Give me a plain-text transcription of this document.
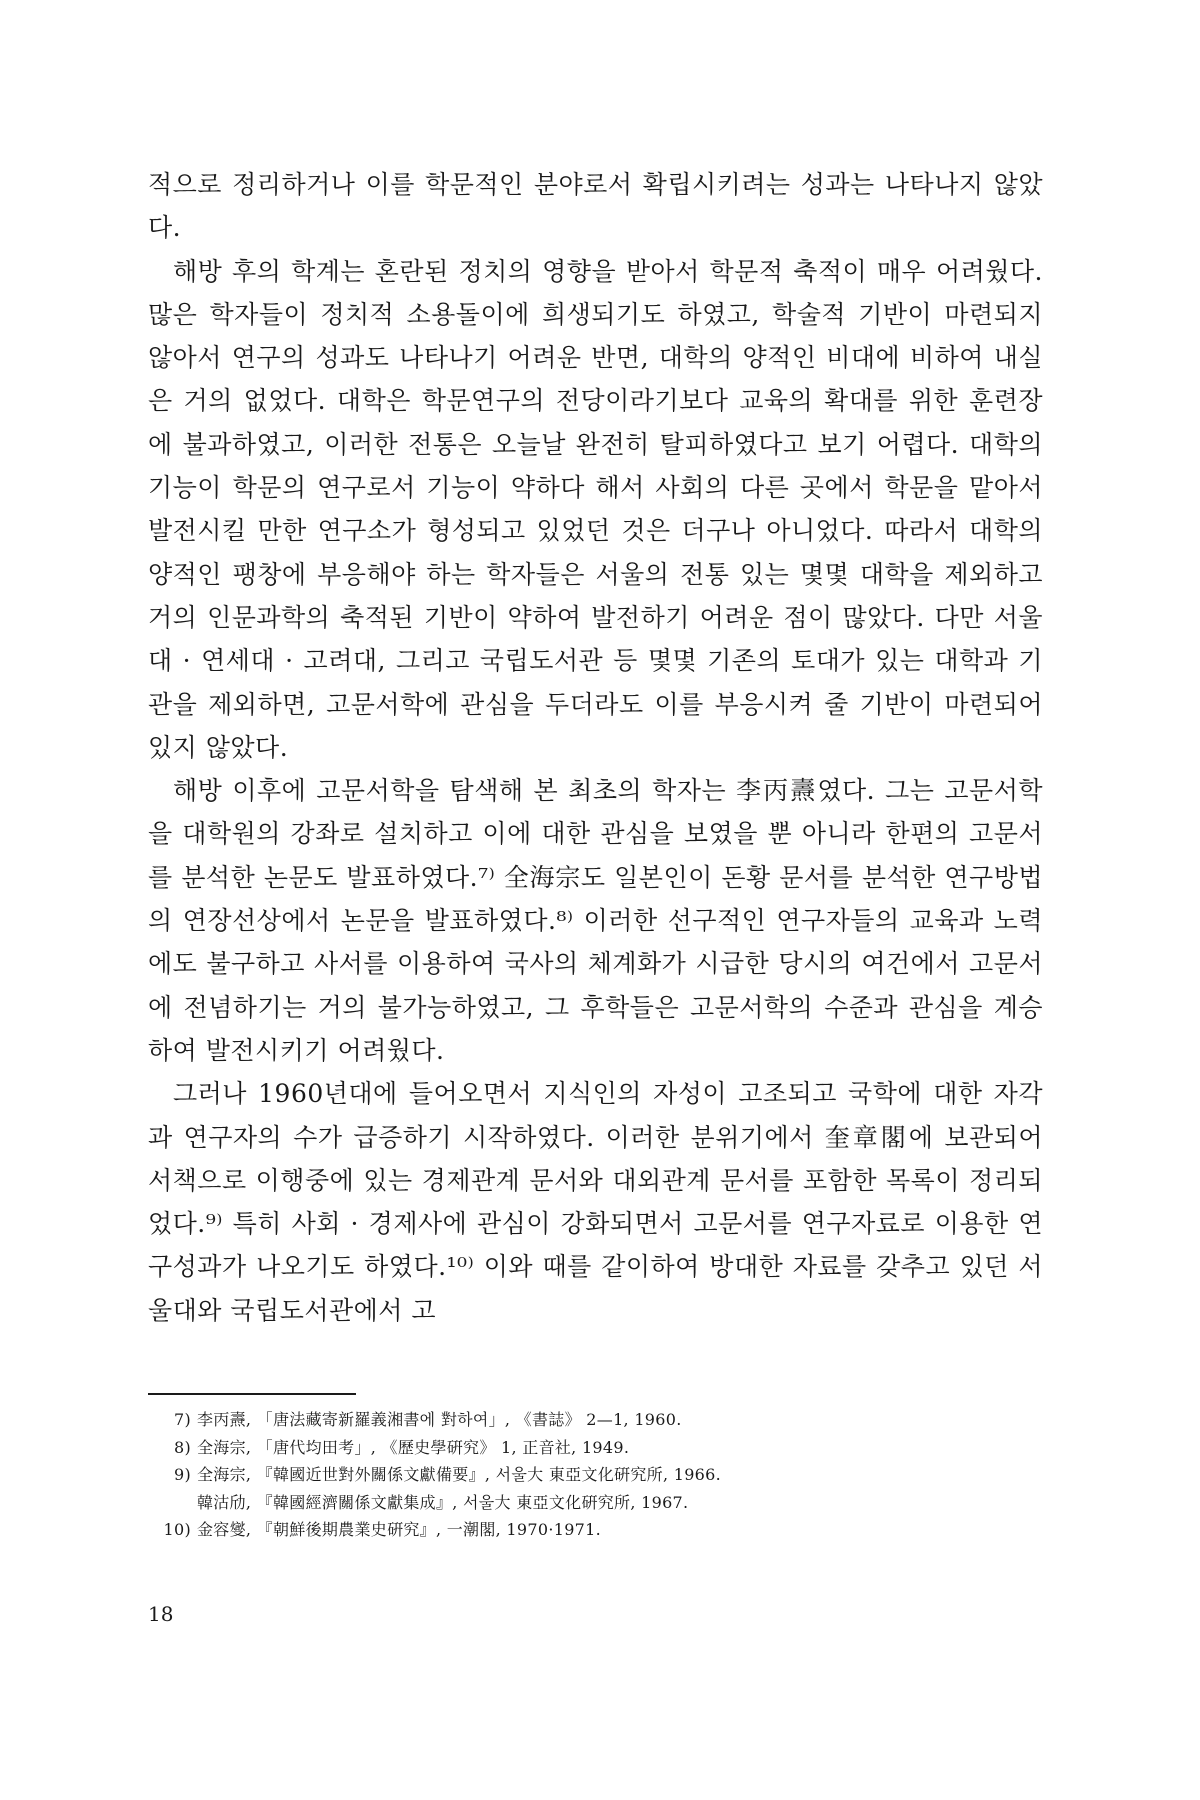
적으로 정리하거나 이를 학문적인 분야로서 확립시키려는 성과는 나타나지 않았다.

해방 후의 학계는 혼란된 정치의 영향을 받아서 학문적 축적이 매우 어려웠다. 많은 학자들이 정치적 소용돌이에 희생되기도 하였고, 학술적 기반이 마련되지 않아서 연구의 성과도 나타나기 어려운 반면, 대학의 양적인 비대에 비하여 내실은 거의 없었다. 대학은 학문연구의 전당이라기보다 교육의 확대를 위한 훈련장에 불과하였고, 이러한 전통은 오늘날 완전히 탈피하였다고 보기 어렵다. 대학의 기능이 학문의 연구로서 기능이 약하다 해서 사회의 다른 곳에서 학문을 맡아서 발전시킬 만한 연구소가 형성되고 있었던 것은 더구나 아니었다. 따라서 대학의 양적인 팽창에 부응해야 하는 학자들은 서울의 전통 있는 몇몇 대학을 제외하고 거의 인문과학의 축적된 기반이 약하여 발전하기 어려운 점이 많았다. 다만 서울대 · 연세대 · 고려대, 그리고 국립도서관 등 몇몇 기존의 토대가 있는 대학과 기관을 제외하면, 고문서학에 관심을 두더라도 이를 부응시켜 줄 기반이 마련되어 있지 않았다.

해방 이후에 고문서학을 탐색해 본 최초의 학자는 李丙燾였다. 그는 고문서학을 대학원의 강좌로 설치하고 이에 대한 관심을 보였을 뿐 아니라 한편의 고문서를 분석한 논문도 발표하였다.⁷⁾ 全海宗도 일본인이 돈황 문서를 분석한 연구방법의 연장선상에서 논문을 발표하였다.⁸⁾ 이러한 선구적인 연구자들의 교육과 노력에도 불구하고 사서를 이용하여 국사의 체계화가 시급한 당시의 여건에서 고문서에 전념하기는 거의 불가능하였고, 그 후학들은 고문서학의 수준과 관심을 계승하여 발전시키기 어려웠다.

그러나 1960년대에 들어오면서 지식인의 자성이 고조되고 국학에 대한 자각과 연구자의 수가 급증하기 시작하였다. 이러한 분위기에서 奎章閣에 보관되어 서책으로 이행중에 있는 경제관계 문서와 대외관계 문서를 포함한 목록이 정리되었다.⁹⁾ 특히 사회 · 경제사에 관심이 강화되면서 고문서를 연구자료로 이용한 연구성과가 나오기도 하였다.¹⁰⁾ 이와 때를 같이하여 방대한 자료를 갖추고 있던 서울대와 국립도서관에서 고

7) 李丙燾, 「唐法藏寄新羅義湘書에 對하여」, 《書誌》 2—1, 1960.
8) 全海宗, 「唐代均田考」, 《歷史學硏究》 1, 正音社, 1949.
9) 全海宗, 『韓國近世對外關係文獻備要』, 서울大 東亞文化硏究所, 1966.
韓沽劤, 『韓國經濟關係文獻集成』, 서울大 東亞文化硏究所, 1967.
10) 金容燮, 『朝鮮後期農業史硏究』, 一潮閣, 1970·1971.
18
